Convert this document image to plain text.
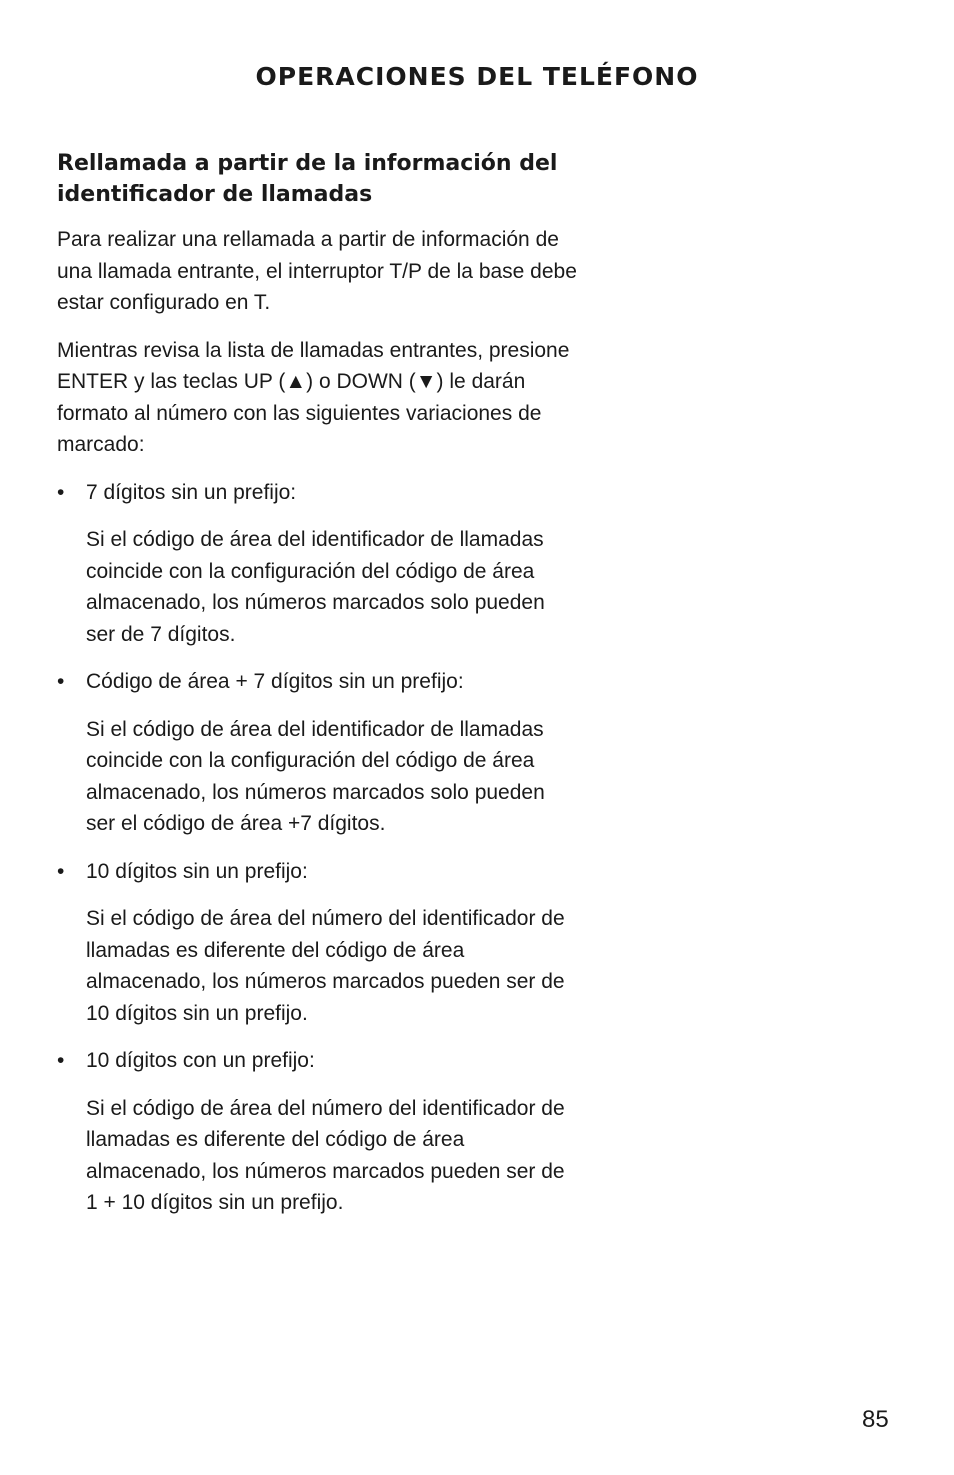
OPERACIONES DEL TELÉFONO
Rellamada a partir de la información del
identificador de llamadas

Para realizar una rellamada a partir de información de una llamada entrante, el interruptor T/P de la base debe estar configurado en T.

Mientras revisa la lista de llamadas entrantes, presione ENTER y las teclas UP (▲) o DOWN (▼) le darán formato al número con las siguientes variaciones de marcado:

• 7 dígitos sin un prefijo:
Si el código de área del identificador de llamadas coincide con la configuración del código de área almacenado, los números marcados solo pueden ser de 7 dígitos.
• Código de área + 7 dígitos sin un prefijo:
Si el código de área del identificador de llamadas coincide con la configuración del código de área almacenado, los números marcados solo pueden ser el código de área +7 dígitos.
• 10 dígitos sin un prefijo:
Si el código de área del número del identificador de llamadas es diferente del código de área almacenado, los números marcados pueden ser de 10 dígitos sin un prefijo.
• 10 dígitos con un prefijo:
Si el código de área del número del identificador de llamadas es diferente del código de área almacenado, los números marcados pueden ser de 1 + 10 dígitos sin un prefijo.
85
